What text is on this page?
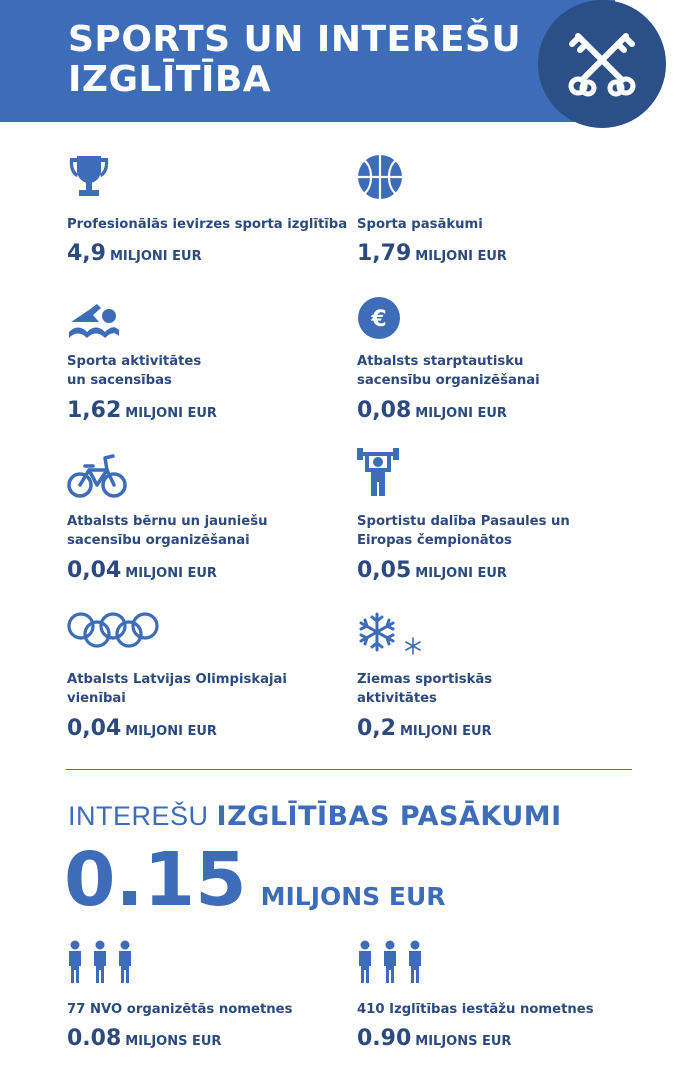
SPORTS UN INTEREŠU IZGLĪTĪBA
Profesionālās ievirzes sporta izglītība
4,9 MILJONI EUR
Sporta pasākumi
1,79 MILJONI EUR
Sporta aktivitātes
un sacensības
1,62 MILJONI EUR
€
Atbalsts starptautisku
sacensību organizēšanai
0,08 MILJONI EUR
Atbalsts bērnu un jauniešu
sacensību organizēšanai
0,04 MILJONI EUR
Sportistu dalība Pasaules un
Eiropas čempionātos
0,05 MILJONI EUR
Atbalsts Latvijas Olimpiskajai
vienībai
0,04 MILJONI EUR
Ziemas sportiskās
aktivitātes
0,2 MILJONI EUR
INTEREŠU IZGLĪTĪBAS PASĀKUMI
0.15 MILJONS EUR
77 NVO organizētās nometnes
0.08 MILJONS EUR
410 Izglītības iestāžu nometnes
0.90 MILJONS EUR
